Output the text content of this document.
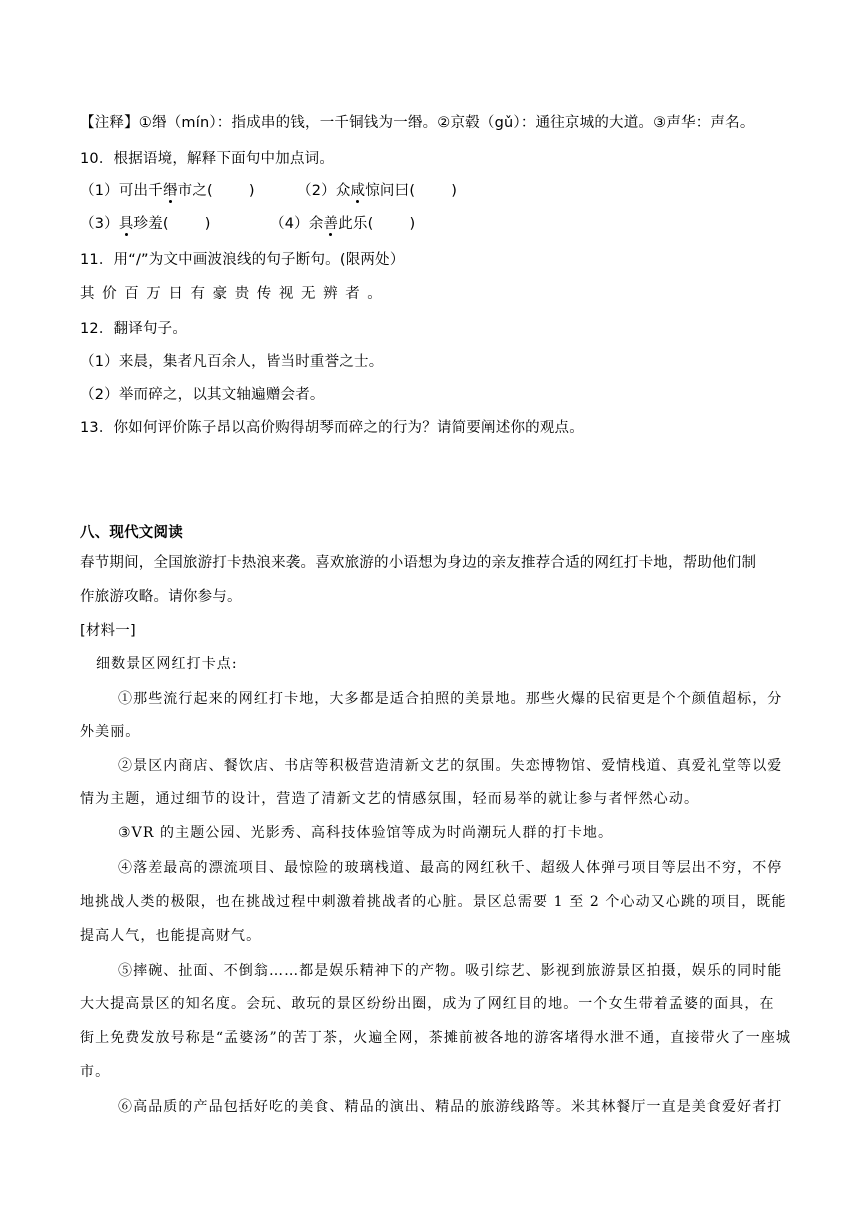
【注释】①缗（mín）：指成串的钱，一千铜钱为一缗。②京毂（gǔ）：通往京城的大道。③声华：声名。
10．根据语境，解释下面句中加点词。
（1）可出千缗市之( )	（2）众咸惊问曰( )
（3）具珍羞( )	（4）余善此乐( )
11．用“/”为文中画波浪线的句子断句。(限两处）
其价百万日有豪贵传视无辨者。
12．翻译句子。
（1）来晨，集者凡百余人，皆当时重誉之士。
（2）举而碎之，以其文轴遍赠会者。
13．你如何评价陈子昂以高价购得胡琴而碎之的行为？请简要阐述你的观点。
八、现代文阅读
春节期间，全国旅游打卡热浪来袭。喜欢旅游的小语想为身边的亲友推荐合适的网红打卡地，帮助他们制
作旅游攻略。请你参与。
[材料一]
细数景区网红打卡点:
①那些流行起来的网红打卡地，大多都是适合拍照的美景地。那些火爆的民宿更是个个颜值超标，分
外美丽。
②景区内商店、餐饮店、书店等积极营造清新文艺的氛围。失恋博物馆、爱情栈道、真爱礼堂等以爱
情为主题，通过细节的设计，营造了清新文艺的情感氛围，轻而易举的就让参与者怦然心动。
③VR 的主题公园、光影秀、高科技体验馆等成为时尚潮玩人群的打卡地。
④落差最高的漂流项目、最惊险的玻璃栈道、最高的网红秋千、超级人体弹弓项目等层出不穷，不停
地挑战人类的极限，也在挑战过程中刺激着挑战者的心脏。景区总需要 1 至 2 个心动又心跳的项目，既能
提高人气，也能提高财气。
⑤摔碗、扯面、不倒翁……都是娱乐精神下的产物。吸引综艺、影视到旅游景区拍摄，娱乐的同时能
大大提高景区的知名度。会玩、敢玩的景区纷纷出圈，成为了网红目的地。一个女生带着孟婆的面具，在
街上免费发放号称是“孟婆汤”的苦丁茶，火遍全网，茶摊前被各地的游客堵得水泄不通，直接带火了一座城
市。
⑥高品质的产品包括好吃的美食、精品的演出、精品的旅游线路等。米其林餐厅一直是美食爱好者打
